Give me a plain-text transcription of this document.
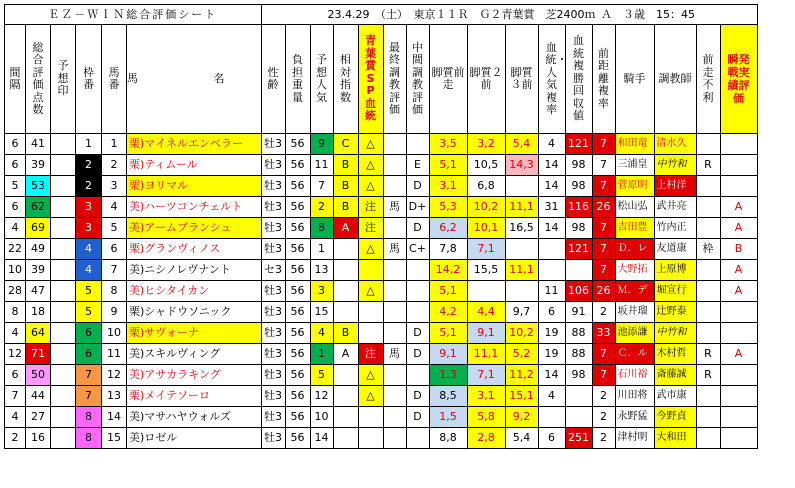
ＥＺ－ＷＩＮ総合評価シート						23.4.29 （土） 東京１１Ｒ　Ｇ２青葉賞　芝2400ｍ Ａ　３歳　15：45																
間隔	総合評価点数	予想印	枠番	馬番	馬 名	性齢	負担重量	予想人気	相対指数	青葉賞SP血統	最終調教評価	中間調教評価	脚質前走	脚質２前	脚質３前	血統・人気複率	血統複勝回収値	前距離複率	騎手	調教師	前走不利	瞬発戦実績評価
6	41		1	1	栗)マイネルエンペラー	牡3	56	9	C	△			3,5	3,2	5,4	4	121	7	和田竜	清水久		
6	39		2	2	栗)ティムール	牡3	56	11	B	△		E	5,1	10,5	14,3	14	98	7	三浦皇	中竹和	R	
5	53		2	3	栗)ヨリマル	牡3	56	7	B	△		D	3,1	6,8		14	98	7	菅原明	上村洋		
6	62		3	4	美)ハーツコンチェルト	牡3	56	2	B	注	馬	D+	5,3	10,2	11,1	31	116	26	松山弘	武井亮		A
4	69		3	5	美)アームブランシュ	牡3	56	8	A	注		D	6,2	10,1	16,5	14	98	7	吉田豊	竹内正		A
22	49		4	6	栗)グランヴィノス	牡3	56	1		△	馬	C+	7,8	7,1			121	7	Ｄ．レ	友道康	枠	B
10	39		4	7	美)ニシノレヴナント	セ3	56	13					14,2	15,5	11,1			7	大野拓	上原博		A
28	47		5	8	美)ヒシタイカン	牡3	56	3		△			5,1			11	106	26	Ｍ．デ	堀宣行		A
8	18		5	9	栗)シャドウソニック	牡3	56	15					4,2	4,4	9,7	6	91	2	坂井瑠	辻野泰		
4	64		6	10	栗)サヴォーナ	牡3	56	4	B			D	5,1	9,1	10,2	19	88	33	池添謙	中竹和		
12	71		6	11	美)スキルヴィング	牡3	56	1	A	注	馬	D	9,1	11,1	5,2	19	88	7	Ｃ．ル	木村哲	R	A
6	50		7	12	美)アサカラキング	牡3	56	5		△			1,3	7,1	11,2	14	98	7	石川裕	斎藤誠	R	
7	44		7	13	栗)メイテソーロ	牡3	56	12		△		D	8,5	3,1	15,1	4		2	川田将	武市康		
4	27		8	14	美)マサハヤウォルズ	牡3	56	10				D	1,5	5,8	9,2			2	永野猛	今野貞		
2	16		8	15	美)ロゼル	牡3	56	14					8,8	2,8	5,4	6	251	2	津村明	大和田		
